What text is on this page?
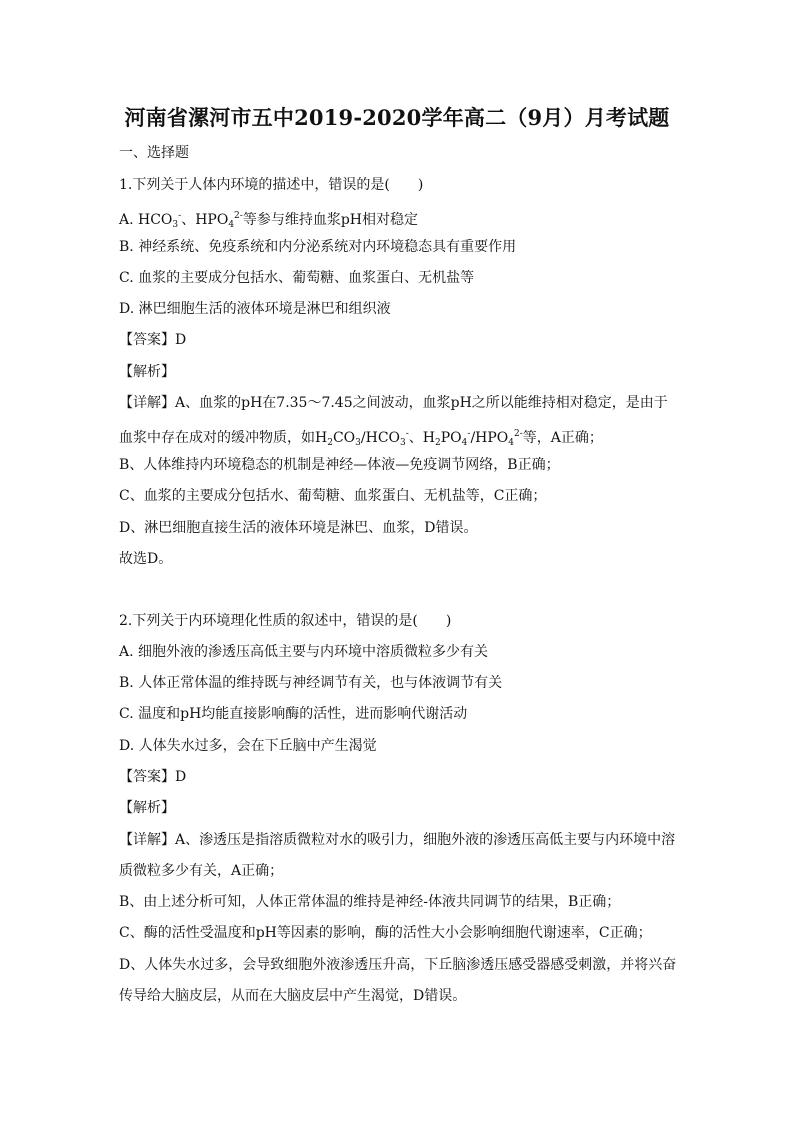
河南省漯河市五中2019-2020学年高二（9月）月考试题
一、选择题
1.下列关于人体内环境的描述中，错误的是(　　)
A. $HCO_3^-$、$HPO_4^{2-}$等参与维持血浆pH相对稳定
B. 神经系统、免疫系统和内分泌系统对内环境稳态具有重要作用
C. 血浆的主要成分包括水、葡萄糖、血浆蛋白、无机盐等
D. 淋巴细胞生活的液体环境是淋巴和组织液
【答案】D
【解析】
【详解】A、血浆的pH在7.35～7.45之间波动，血浆pH之所以能维持相对稳定，是由于
血浆中存在成对的缓冲物质，如$H_2CO_3/HCO_3^-$、$H_2PO_4^-/HPO_4^{2-}$等，A正确；
B、人体维持内环境稳态的机制是神经—体液—免疫调节网络，B正确；
C、血浆的主要成分包括水、葡萄糖、血浆蛋白、无机盐等，C正确；
D、淋巴细胞直接生活的液体环境是淋巴、血浆，D错误。
故选D。
2.下列关于内环境理化性质的叙述中，错误的是(　　)
A. 细胞外液的渗透压高低主要与内环境中溶质微粒多少有关
B. 人体正常体温的维持既与神经调节有关，也与体液调节有关
C. 温度和pH均能直接影响酶的活性，进而影响代谢活动
D. 人体失水过多，会在下丘脑中产生渴觉
【答案】D
【解析】
【详解】A、渗透压是指溶质微粒对水的吸引力，细胞外液的渗透压高低主要与内环境中溶
质微粒多少有关，A正确；
B、由上述分析可知，人体正常体温的维持是神经-体液共同调节的结果，B正确；
C、酶的活性受温度和pH等因素的影响，酶的活性大小会影响细胞代谢速率，C正确；
D、人体失水过多，会导致细胞外液渗透压升高，下丘脑渗透压感受器感受刺激，并将兴奋
传导给大脑皮层，从而在大脑皮层中产生渴觉，D错误。
